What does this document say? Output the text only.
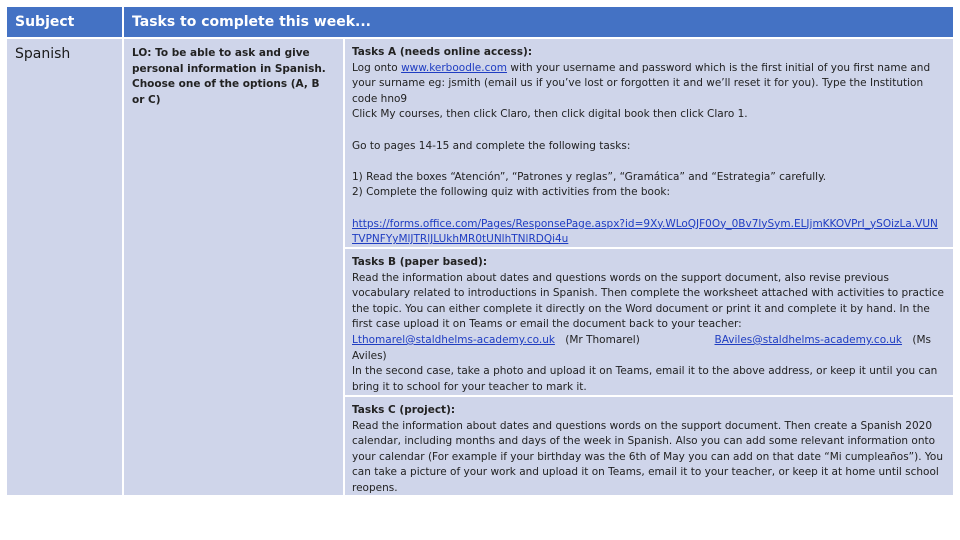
Subject	Tasks to complete this week...
Spanish	LO: To be able to ask and give personal information in Spanish. Choose one of the options (A, B or C)
Tasks A (needs online access):
Log onto www.kerboodle.com with your username and password which is the first initial of you first name and your surname eg: jsmith (email us if you’ve lost or forgotten it and we’ll reset it for you). Type the Institution code hno9
Click My courses, then click Claro, then click digital book then click Claro 1.
Go to pages 14-15 and complete the following tasks:
1) Read the boxes “Atención”, “Patrones y reglas”, “Gramática” and “Estrategia” carefully.
2) Complete the following quiz with activities from the book:
https://forms.office.com/Pages/ResponsePage.aspx?id=9Xy.WLoQJF0Oy_0Bv7lySym.ELJjmKKOVPrI_ySOizLa.VUN TVPNFYyMlJTRlJLUkhMR0tUNlhTNlRDQi4u
Tasks B (paper based):
Read the information about dates and questions words on the support document, also revise previous vocabulary related to introductions in Spanish. Then complete the worksheet attached with activities to practice the topic. You can either complete it directly on the Word document or print it and complete it by hand. In the first case upload it on Teams or email the document back to your teacher:
Lthomarel@staldhelms-academy.co.uk (Mr Thomarel)	BAviles@staldhelms-academy.co.uk (Ms Aviles)
In the second case, take a photo and upload it on Teams, email it to the above address, or keep it until you can bring it to school for your teacher to mark it.
Tasks C (project):
Read the information about dates and questions words on the support document. Then create a Spanish 2020 calendar, including months and days of the week in Spanish. Also you can add some relevant information onto your calendar (For example if your birthday was the 6th of May you can add on that date “Mi cumpleaños”). You can take a picture of your work and upload it on Teams, email it to your teacher, or keep it at home until school reopens.
